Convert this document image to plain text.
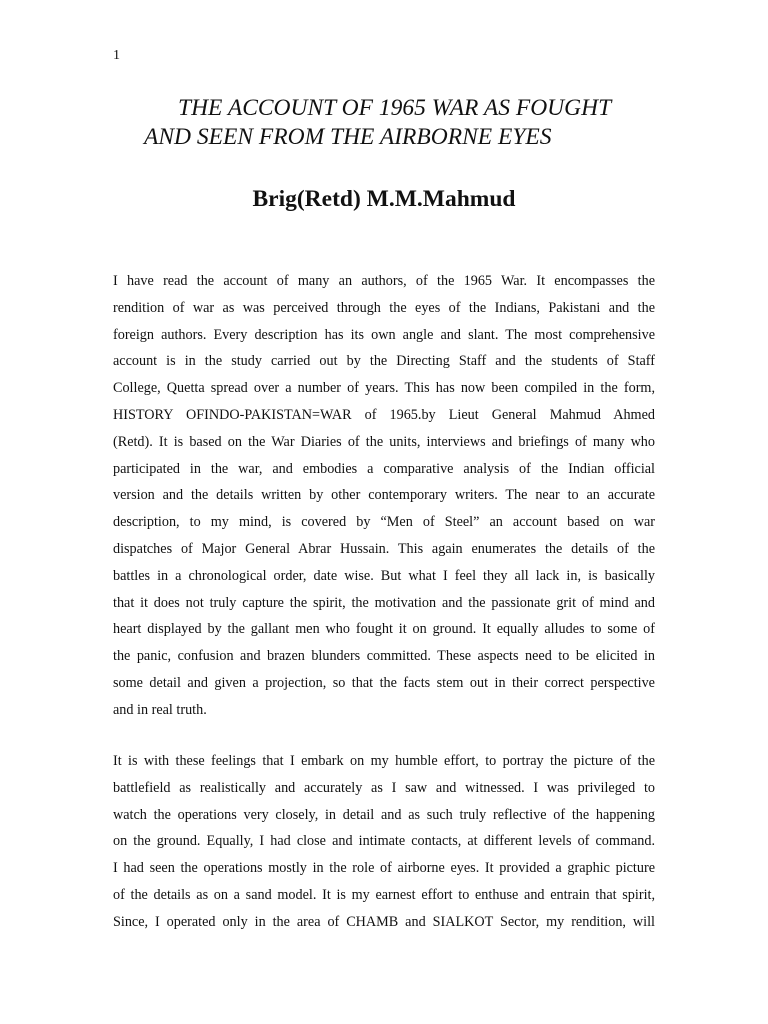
1
THE ACCOUNT OF 1965 WAR AS FOUGHT
AND SEEN FROM THE AIRBORNE EYES
Brig(Retd) M.M.Mahmud
I have read the account of many an authors, of the 1965 War. It encompasses the
rendition of war as was perceived through the eyes of the Indians, Pakistani and the
foreign authors. Every description has its own angle and slant. The most comprehensive
account is in the study carried out by the Directing Staff and the students of Staff
College, Quetta spread over a number of years. This has now been compiled in the form,
HISTORY OFINDO-PAKISTAN=WAR of 1965.by Lieut General Mahmud Ahmed
(Retd). It is based on the War Diaries of the units, interviews and briefings of many who
participated in the war, and embodies a comparative analysis of the Indian official
version and the details written by other contemporary writers. The near to an accurate
description, to my mind, is covered by “Men of Steel” an account based on war
dispatches of Major General Abrar Hussain. This again enumerates the details of the
battles in a chronological order, date wise. But what I feel they all lack in, is basically
that it does not truly capture the spirit, the motivation and the passionate grit of mind and
heart displayed by the gallant men who fought it on ground. It equally alludes to some of
the panic, confusion and brazen blunders committed. These aspects need to be elicited in
some detail and given a projection, so that the facts stem out in their correct perspective
and in real truth.
It is with these feelings that I embark on my humble effort, to portray the picture of the
battlefield as realistically and accurately as I saw and witnessed. I was privileged to
watch the operations very closely, in detail and as such truly reflective of the happening
on the ground. Equally, I had close and intimate contacts, at different levels of command.
I had seen the operations mostly in the role of airborne eyes. It provided a graphic picture
of the details as on a sand model. It is my earnest effort to enthuse and entrain that spirit,
Since, I operated only in the area of CHAMB and SIALKOT Sector, my rendition, will
